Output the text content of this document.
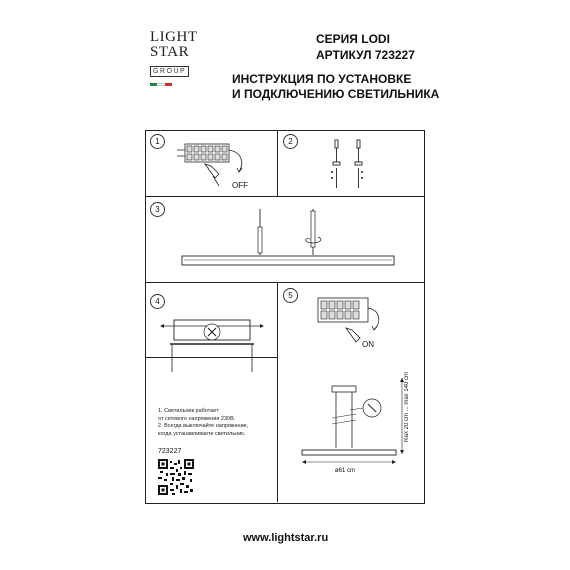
LIGHT
STAR
GROUP
СЕРИЯ LODI
АРТИКУЛ 723227
ИНСТРУКЦИЯ ПО УСТАНОВКЕ
И ПОДКЛЮЧЕНИЮ СВЕТИЛЬНИКА
1	2
3
4
5
OFF
ON
1. Светильник работает
от сетевого напряжения 230В.
2. Всегда выключайте напряжение,
когда устанавливаете светильник.
723227
max 20 cm ... max 140 cm
ø61 cm
www.lightstar.ru
